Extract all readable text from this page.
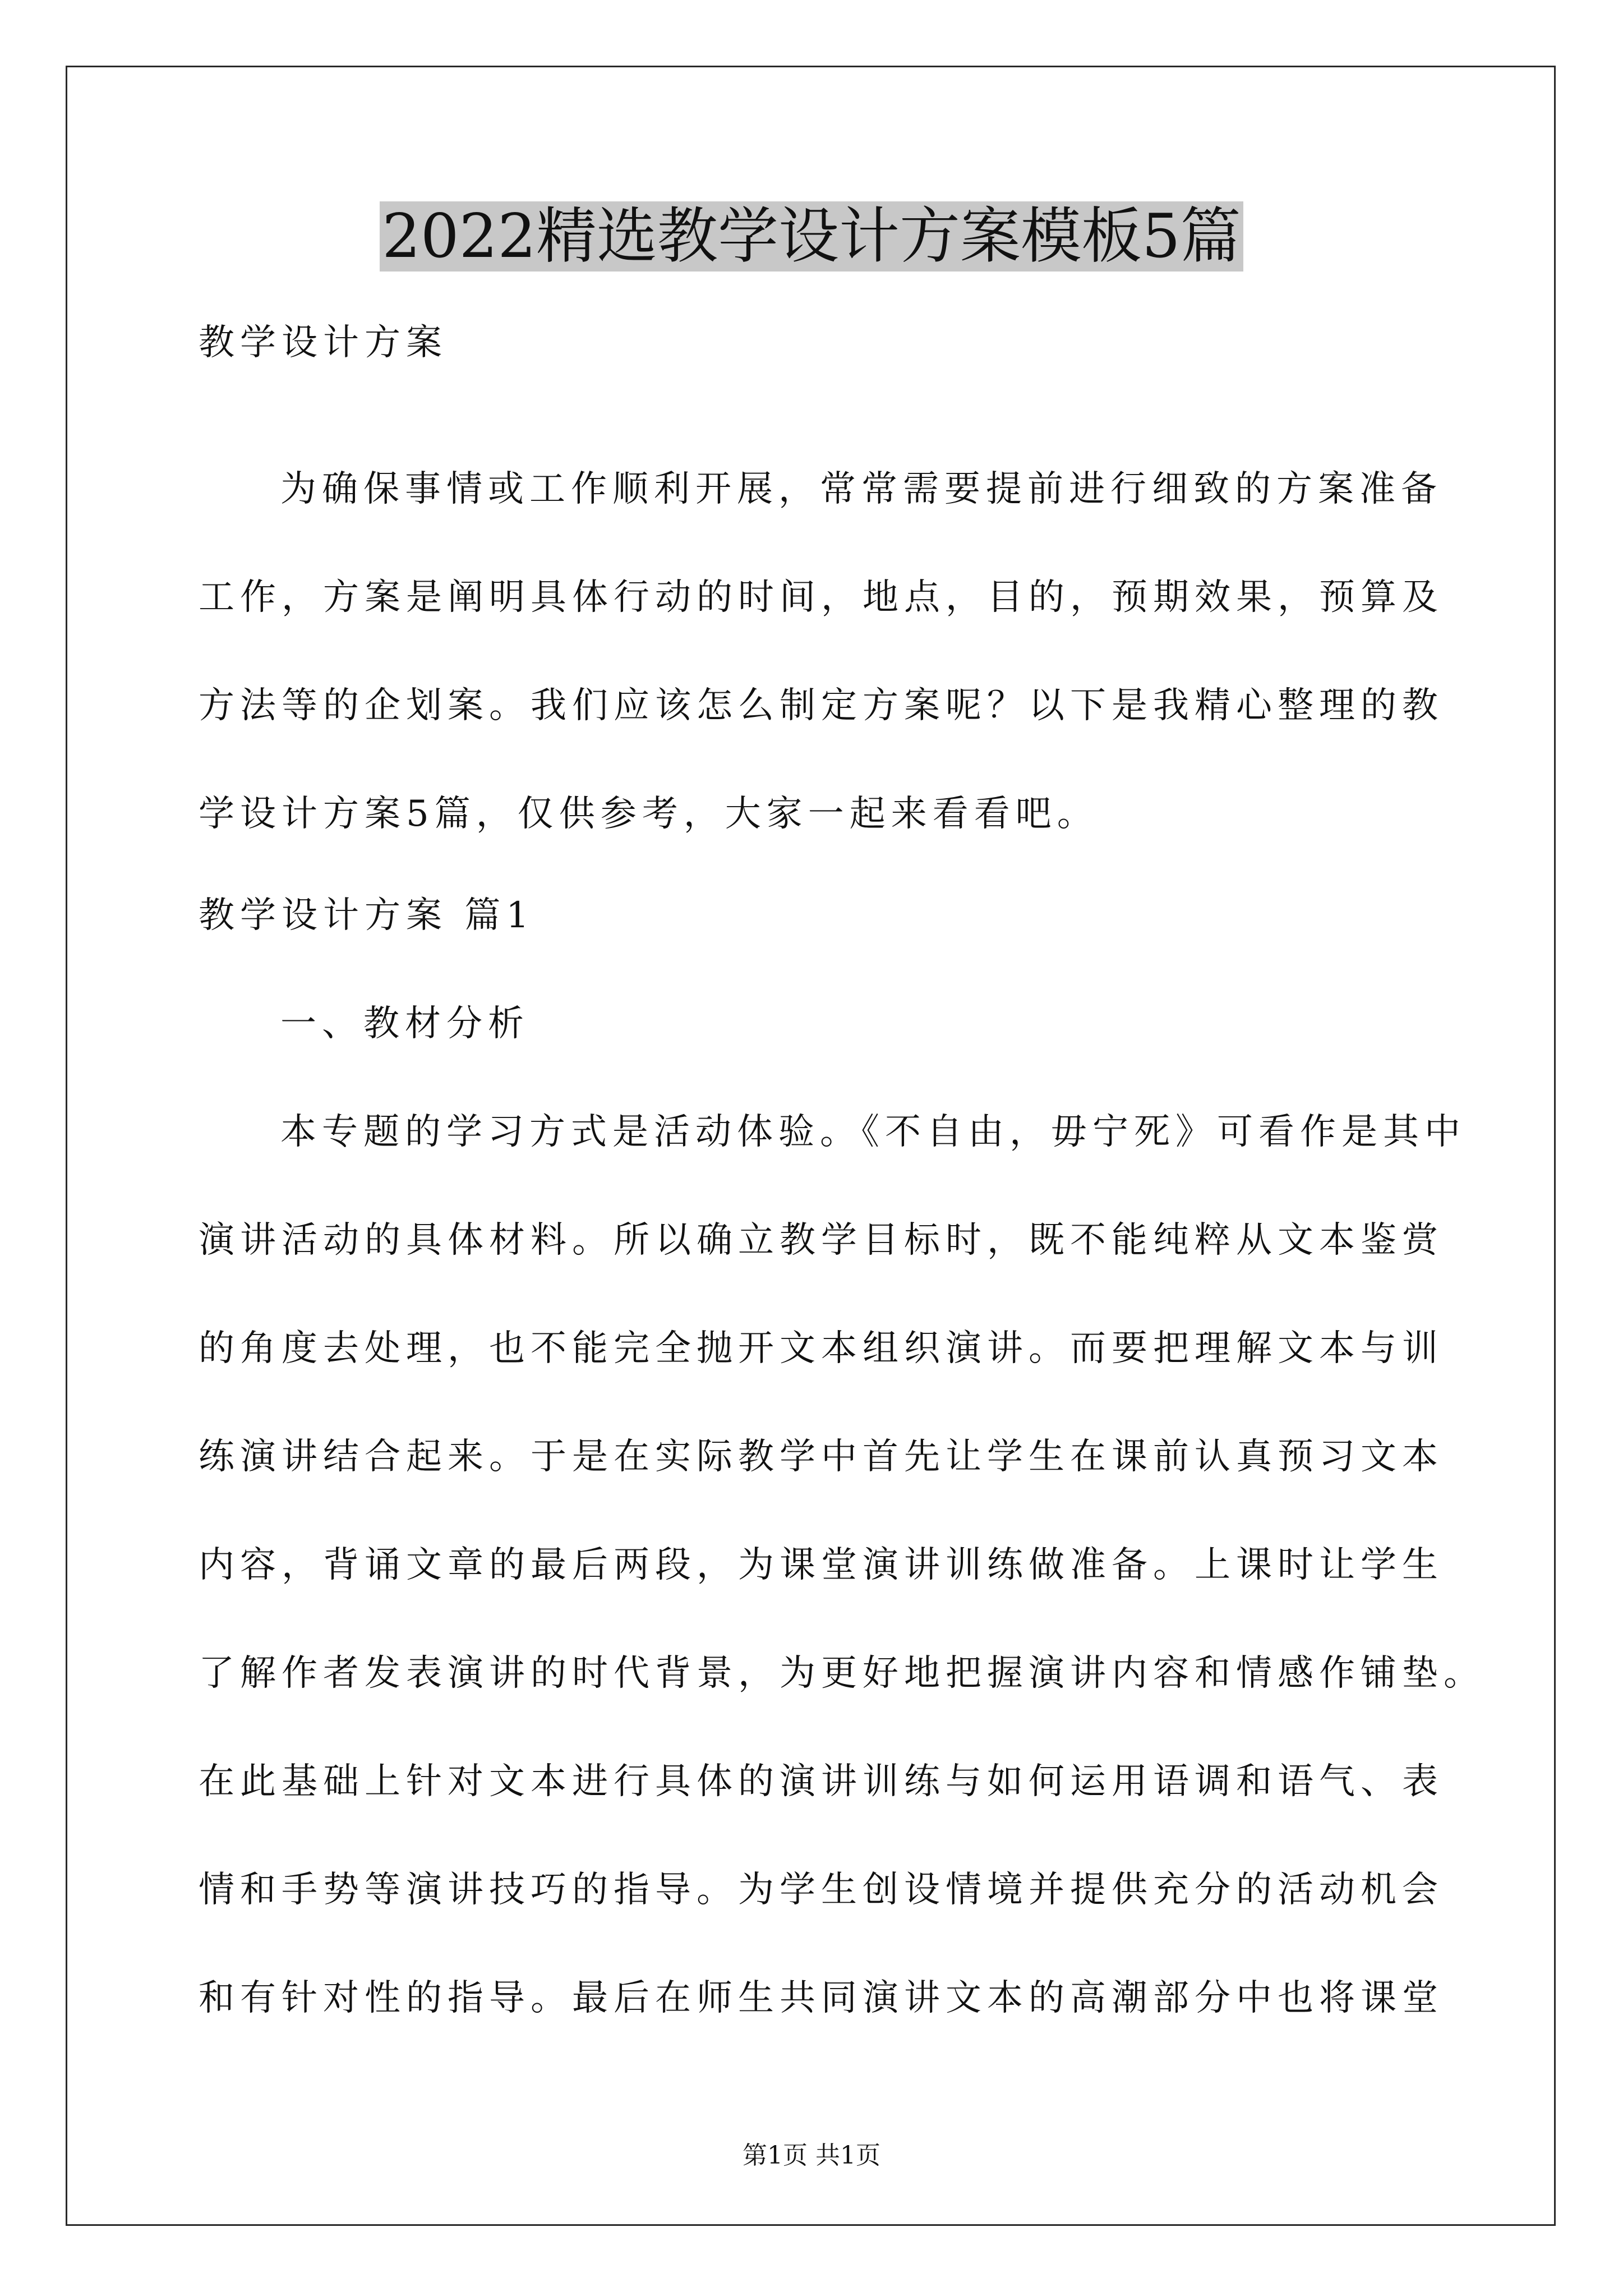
2022精选教学设计方案模板5篇

教学设计方案

为确保事情或工作顺利开展，常常需要提前进行细致的方案准备

工作，方案是阐明具体行动的时间，地点，目的，预期效果，预算及

方法等的企划案。我们应该怎么制定方案呢？以下是我精心整理的教

学设计方案5篇，仅供参考，大家一起来看看吧。

教学设计方案 篇1

一、教材分析

本专题的学习方式是活动体验。《不自由，毋宁死》可看作是其中

演讲活动的具体材料。所以确立教学目标时，既不能纯粹从文本鉴赏

的角度去处理，也不能完全抛开文本组织演讲。而要把理解文本与训

练演讲结合起来。于是在实际教学中首先让学生在课前认真预习文本

内容，背诵文章的最后两段，为课堂演讲训练做准备。上课时让学生

了解作者发表演讲的时代背景，为更好地把握演讲内容和情感作铺垫。

在此基础上针对文本进行具体的演讲训练与如何运用语调和语气、表

情和手势等演讲技巧的指导。为学生创设情境并提供充分的活动机会

和有针对性的指导。最后在师生共同演讲文本的高潮部分中也将课堂

第1页 共1页
